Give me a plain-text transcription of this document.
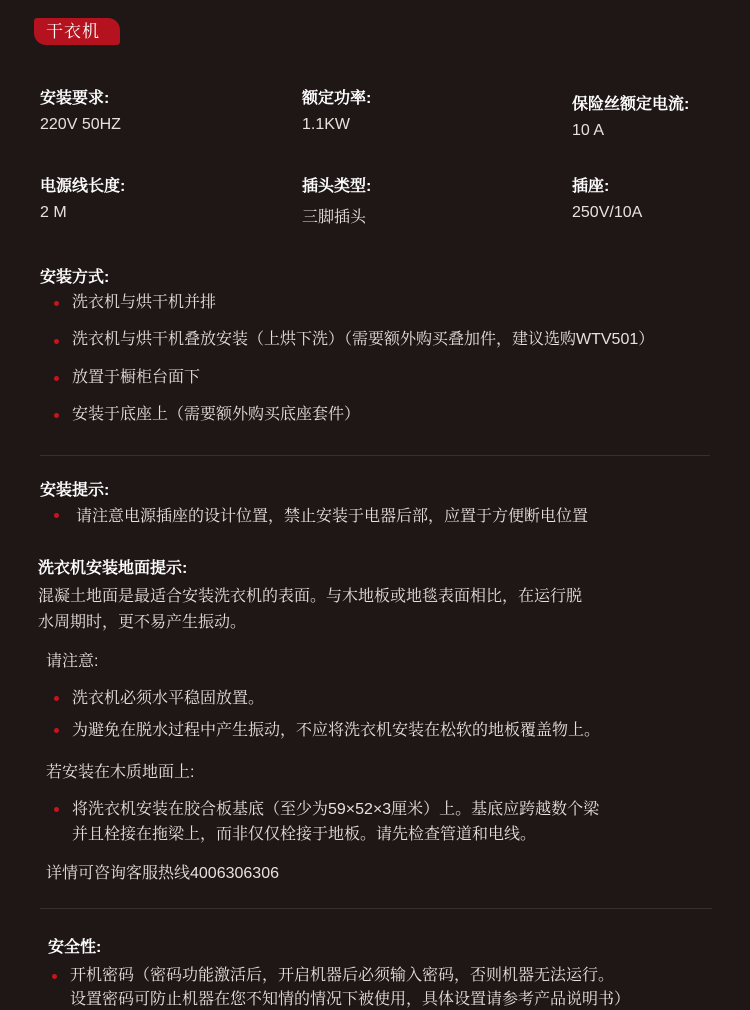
干衣机
安装要求:
220V 50HZ
额定功率:
1.1KW
保险丝额定电流:
10 A
电源线长度:
2 M
插头类型:
三脚插头
插座:
250V/10A
安装方式:
洗衣机与烘干机并排
洗衣机与烘干机叠放安装（上烘下洗）（需要额外购买叠加件，建议选购WTV501）
放置于橱柜台面下
安装于底座上（需要额外购买底座套件）
安装提示:
请注意电源插座的设计位置，禁止安装于电器后部，应置于方便断电位置
洗衣机安装地面提示:
混凝土地面是最适合安装洗衣机的表面。与木地板或地毯表面相比，在运行脱
水周期时，更不易产生振动。
请注意:
洗衣机必须水平稳固放置。
为避免在脱水过程中产生振动，不应将洗衣机安装在松软的地板覆盖物上。
若安装在木质地面上:
将洗衣机安装在胶合板基底（至少为59×52×3厘米）上。基底应跨越数个梁
并且栓接在拖梁上，而非仅仅栓接于地板。请先检查管道和电线。
详情可咨询客服热线4006306306
安全性:
开机密码（密码功能激活后，开启机器后必须输入密码，否则机器无法运行。
设置密码可防止机器在您不知情的情况下被使用，具体设置请参考产品说明书）
